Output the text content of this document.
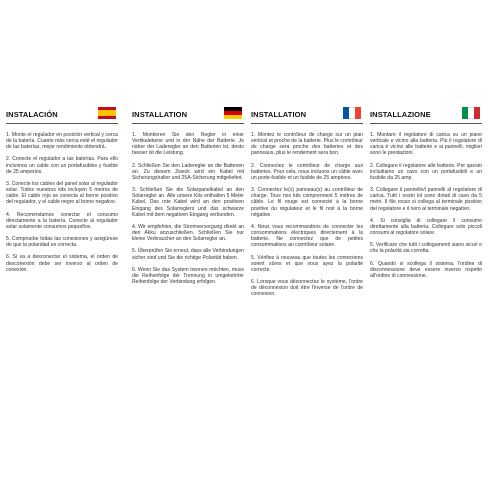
INSTALACIÓN

1. Monte el regulador en posición vertical y cerca de la batería. Cuanto más cerca esté el regulador de las baterías, mejor rendimiento obtendrá.

2. Conecte el regulador a las baterías. Para ello incluimos un cable con un portafusibles y fusible de 25 amperios.

3. Conecte los cables del panel solar al regulador solar. Todos nuestros kits incluyen 5 metros de cable. El cable rojo se conecta al borne positivo del regulador, y el cable negro al borne negativo.

4. Recomendamos conectar el consumo directamente a la batería. Conecte al regulador solar solamente consumos pequeños.

5. Compruebe todas las conexiones y asegúrese de que la polaridad es correcta.

6. Si va a desconectar el sistema, el orden de desconexión debe ser inverso al orden de conexión.

INSTALLATION

1. Montieren Sie den Regler in einer Vertikalebene und in der Nähe der Batterie. Je näher der Laderegler an den Batterien ist, desto besser ist die Leistung.

2. Schließen Sie den Laderegler an die Batterien an. Zu diesem Zweck wird ein Kabel mit Sicherungshalter und 25A-Sicherung mitgeliefert.

3. Schließen Sie die Solarpanelkabel an den Solarregler an. Alle unsere Kits enthalten 5 Meter Kabel. Das rote Kabel wird an den positiven Eingang des Solarreglers und das schwarze Kabel mit dem negativen Eingang verbunden.

4. Wir empfehlen, die Stromversorgung direkt an den Akku anzuschließen. Schließen Sie nur kleine Verbraucher an den Solarregler an.

5. Überprüfen Sie erneut, dass alle Verbindungen sicher sind und Sie die richtige Polarität haben.

6. Wenn Sie das System trennen möchten, muss die Reihenfolge der Trennung in umgekehrter Reihenfolge der Verbindung erfolgen.

INSTALLATION

1. Montez le contrôleur de charge sur un plan vertical et proche de la batterie. Plus le contrôleur de charge sera proche des batteries et des panneaux, plus le rendement sera bon.

2. Connectez le contrôleur de charge aux batteries. Pour cela, nous incluons un câble avec un porte-fusible et un fusible de 25 ampères.

3. Connectez le(s) panneau(x) au contrôleur de charge. Tous nos kits comprennent 5 mètres de câble. Le fil rouge est connecté à la borne positive du régulateur et le fil noir à la borne négative.

4. Nous vous recommandons de connecter les consommations électriques directement à la batterie. Ne connectez que de petites consommations au contrôleur solaire.

5. Vérifiez à nouveau que toutes les connexions soient sûres et que vous ayez la polarité correcte.

6. Lorsque vous déconnectez le système, l'ordre de déconnexion doit être l'inverse de l'ordre de connexion.

INSTALLAZIONE

1. Montare il regolatore di carica su un piano verticale e vicino alla batteria. Più il regolatore di carica è vicino alle batterie e ai pannelli, migliori sono le prestazioni.

2. Collegare il regolatore alle batterie. Per questo includiamo un cavo con un portafusibili e un fusibile da 25 amp.

3. Collegare il pannello/i pannelli al regolatore di carica. Tutti i nostri kit sono dotati di cavo da 5 metri. Il filo rosso si collega al terminale positivo del regolatore e il nero al terminale negativo.

4. Si consiglia di collegare il consumo direttamente alla batteria. Collegare solo piccoli consumi al regolatore solare.

5. Verificare che tutti i collegamenti siano sicuri e che la polarità sia corretta.

6. Quando si scollega il sistema, l'ordine di disconnessione deve essere inverso rispetto all'ordine di connessione.
